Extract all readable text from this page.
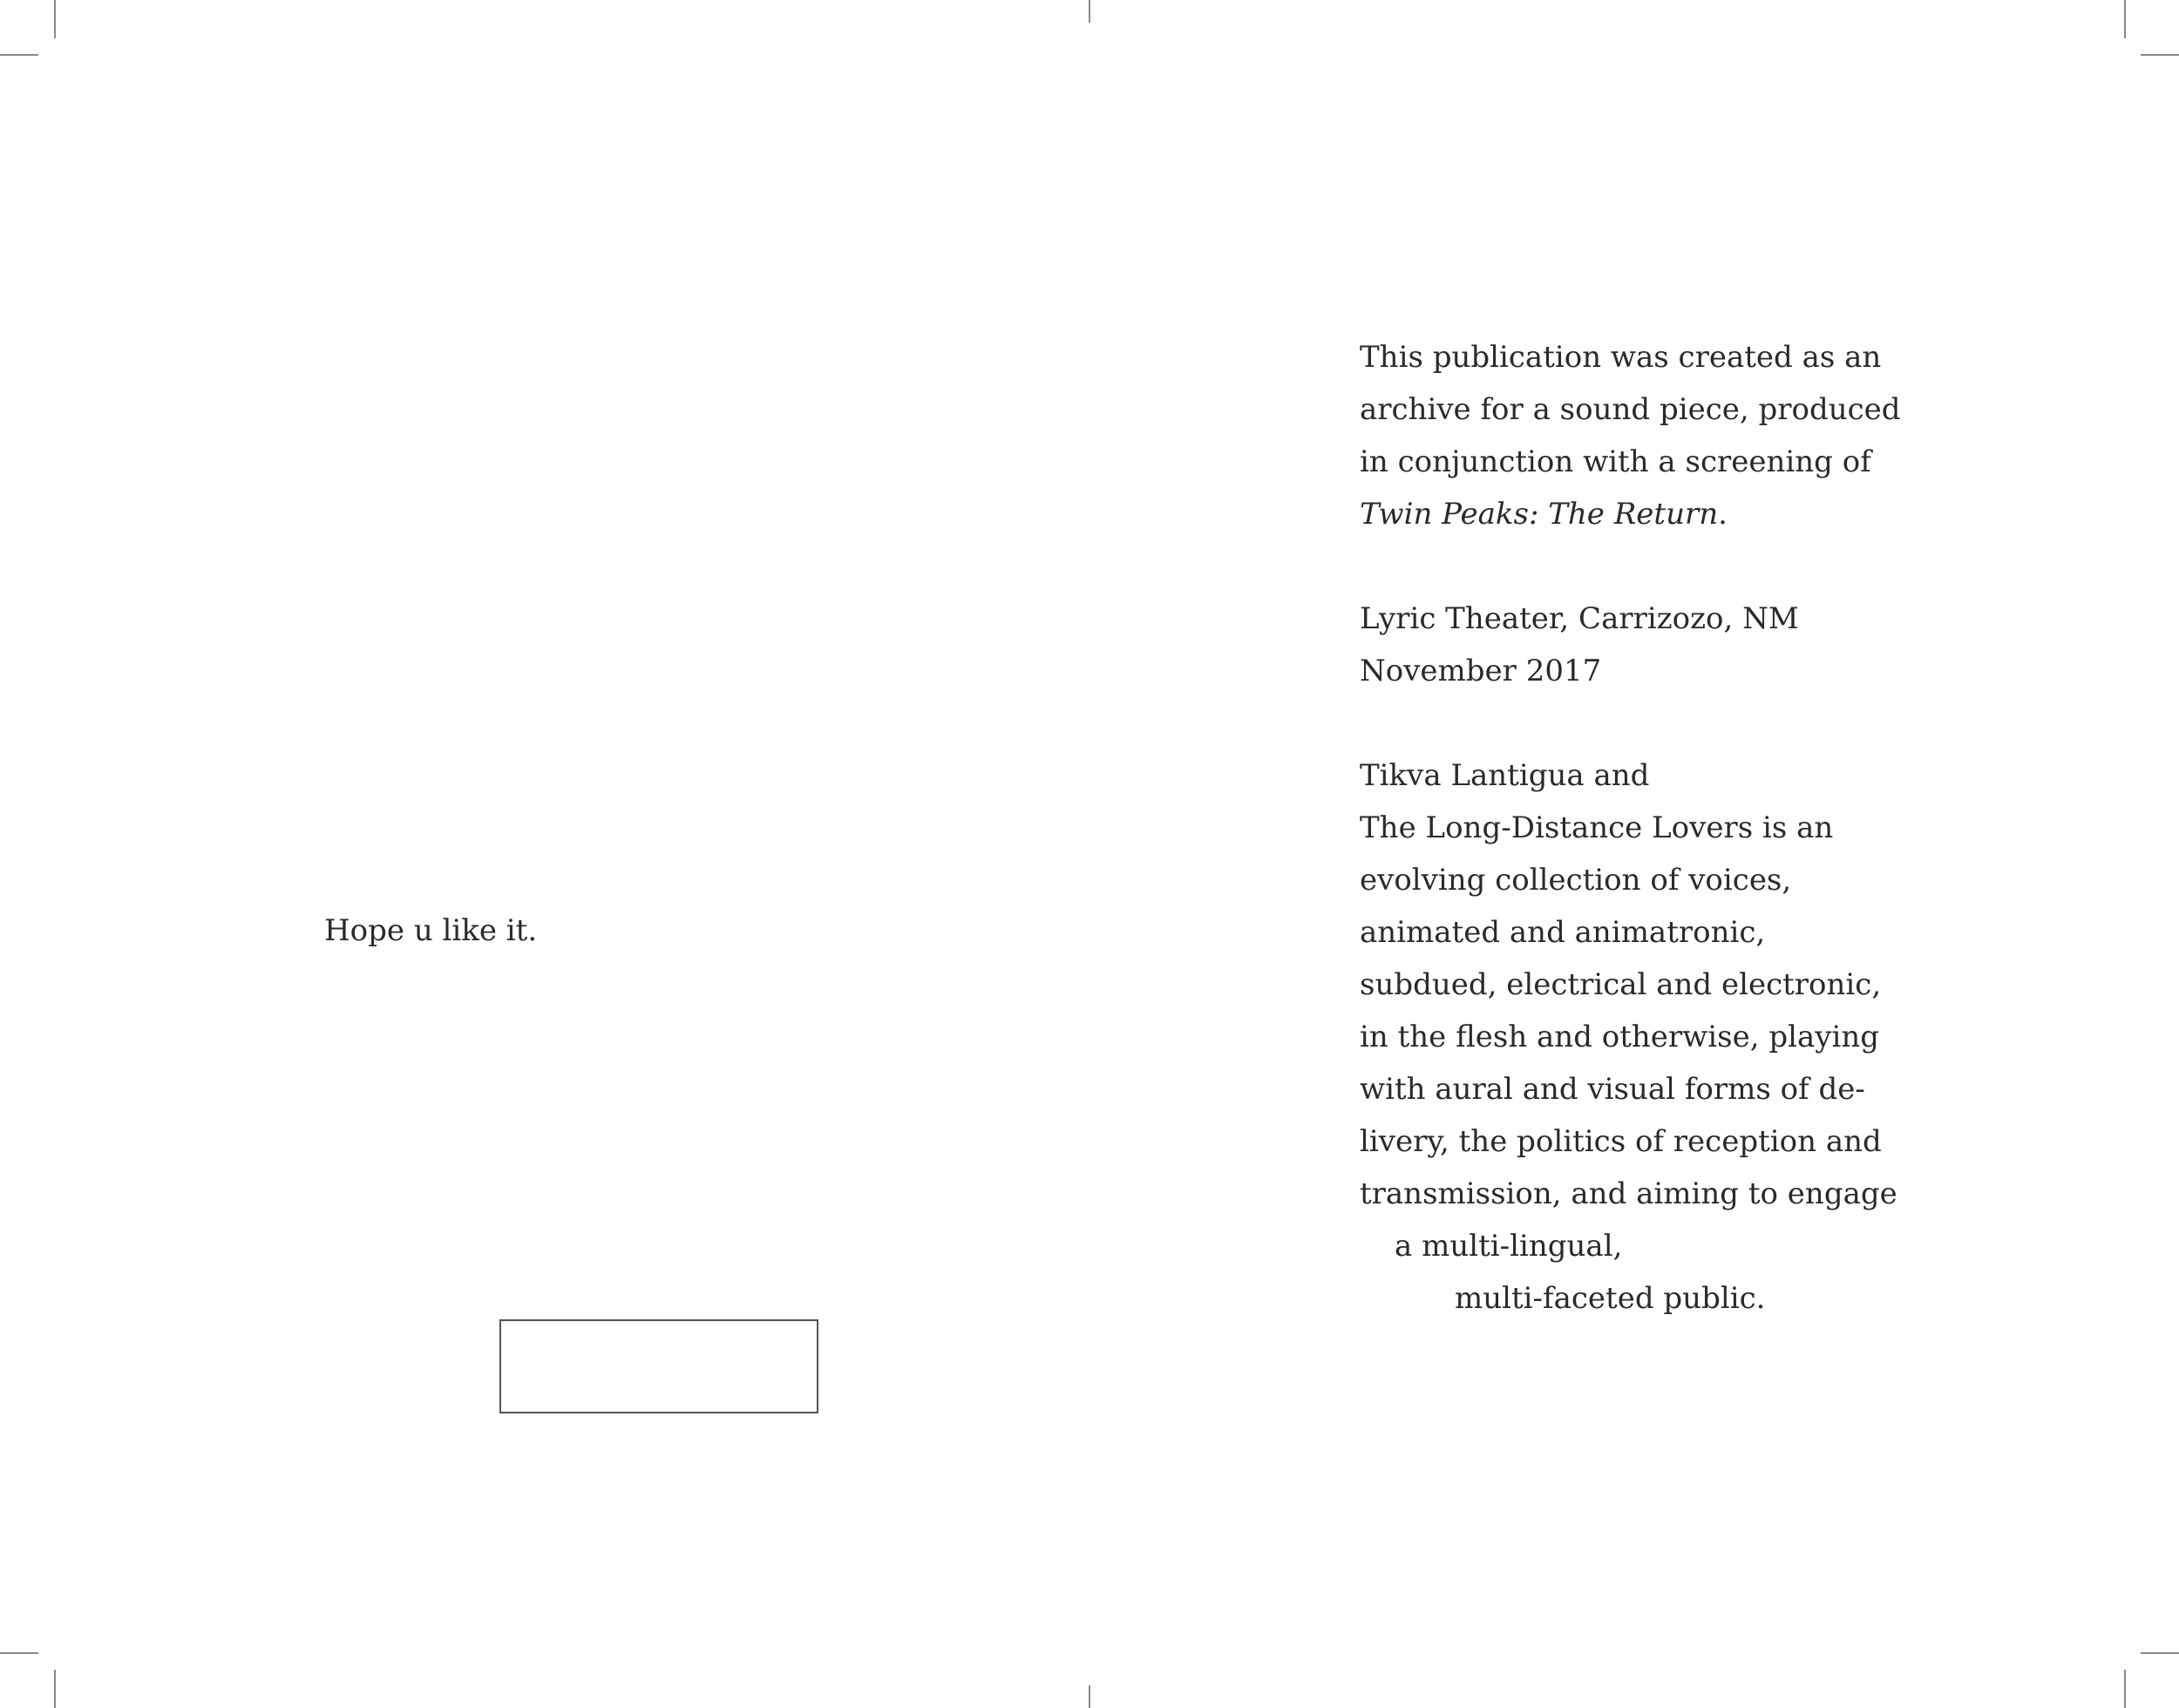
Hope u like it.
This publication was created as an
archive for a sound piece, produced
in conjunction with a screening of
Twin Peaks: The Return.
Lyric Theater, Carrizozo, NM
November 2017
Tikva Lantigua and
The Long-Distance Lovers is an
evolving collection of voices,
animated and animatronic,
subdued, electrical and electronic,
in the flesh and otherwise, playing
with aural and visual forms of de-
livery, the politics of reception and
transmission, and aiming to engage
a multi-lingual,
multi-faceted public.
